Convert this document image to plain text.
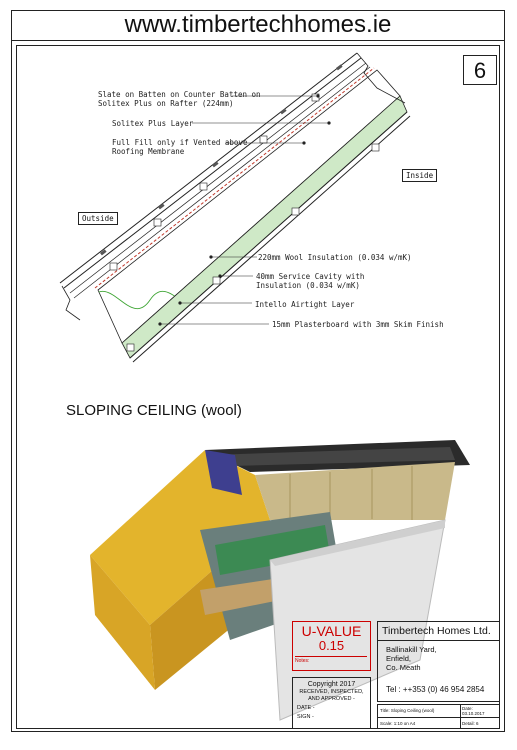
www.timbertechhomes.ie
6
Slate on Batten on Counter Batten on
Solitex Plus on Rafter (224mm)
Solitex Plus Layer
Full Fill only if Vented above
Roofing Membrane
Inside
Outside
220mm Wool Insulation (0.034 w/mK)
40mm Service Cavity with
Insulation (0.034 w/mK)
Intello Airtight Layer
15mm Plasterboard with 3mm Skim Finish
SLOPING CEILING (wool)
U-VALUE
0.15
Notes:
Copyright 2017
RECEIVED, INSPECTED,
AND APPROVED -
DATE -
SIGN -
Timbertech Homes Ltd.
Ballinakill Yard,
Enfield,
Co. Meath
Tel : ++353 (0) 46 954 2854
Title: Sloping Ceiling (wool)	Date:
03.10.2017
Scale: 1:10 on A4	Detail: 6
